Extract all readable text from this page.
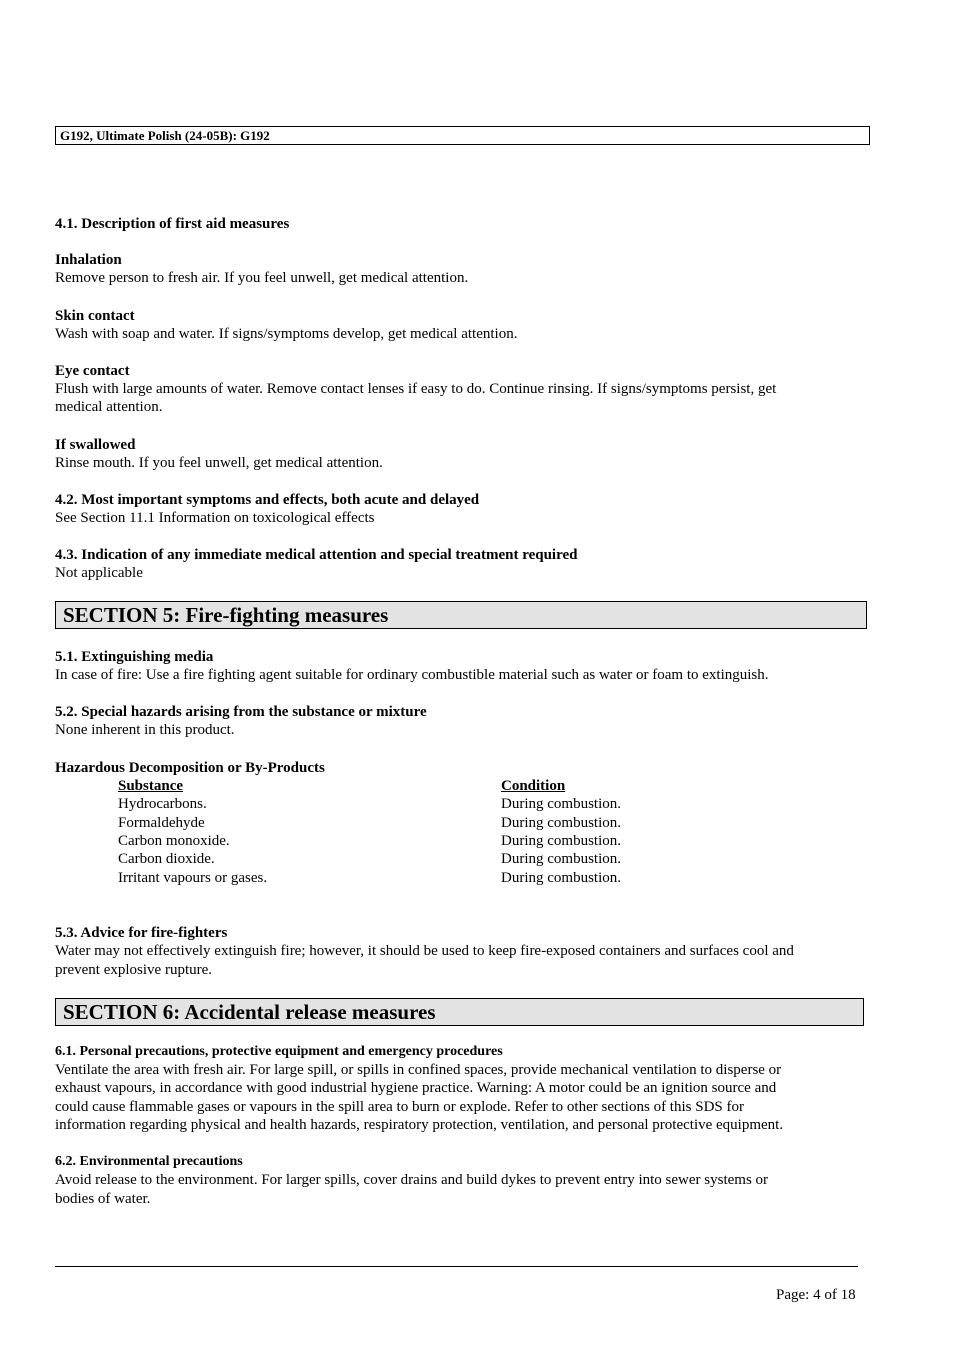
G192, Ultimate Polish (24-05B): G192
4.1. Description of first aid measures
Inhalation
Remove person to fresh air. If you feel unwell, get medical attention.
Skin contact
Wash with soap and water. If signs/symptoms develop, get medical attention.
Eye contact
Flush with large amounts of water. Remove contact lenses if easy to do. Continue rinsing. If signs/symptoms persist, get
medical attention.
If swallowed
Rinse mouth. If you feel unwell, get medical attention.
4.2. Most important symptoms and effects, both acute and delayed
See Section 11.1 Information on toxicological effects
4.3. Indication of any immediate medical attention and special treatment required
Not applicable
SECTION 5: Fire-fighting measures
5.1. Extinguishing media
In case of fire: Use a fire fighting agent suitable for ordinary combustible material such as water or foam to extinguish.
5.2. Special hazards arising from the substance or mixture
None inherent in this product.
Hazardous Decomposition or By-Products
Substance	Condition
Hydrocarbons.	During combustion.
Formaldehyde	During combustion.
Carbon monoxide.	During combustion.
Carbon dioxide.	During combustion.
Irritant vapours or gases.	During combustion.
5.3. Advice for fire-fighters
Water may not effectively extinguish fire; however, it should be used to keep fire-exposed containers and surfaces cool and
prevent explosive rupture.
SECTION 6: Accidental release measures
6.1. Personal precautions, protective equipment and emergency procedures
Ventilate the area with fresh air. For large spill, or spills in confined spaces, provide mechanical ventilation to disperse or
exhaust vapours, in accordance with good industrial hygiene practice. Warning: A motor could be an ignition source and
could cause flammable gases or vapours in the spill area to burn or explode. Refer to other sections of this SDS for
information regarding physical and health hazards, respiratory protection, ventilation, and personal protective equipment.
6.2. Environmental precautions
Avoid release to the environment. For larger spills, cover drains and build dykes to prevent entry into sewer systems or
bodies of water.
Page: 4 of 18
